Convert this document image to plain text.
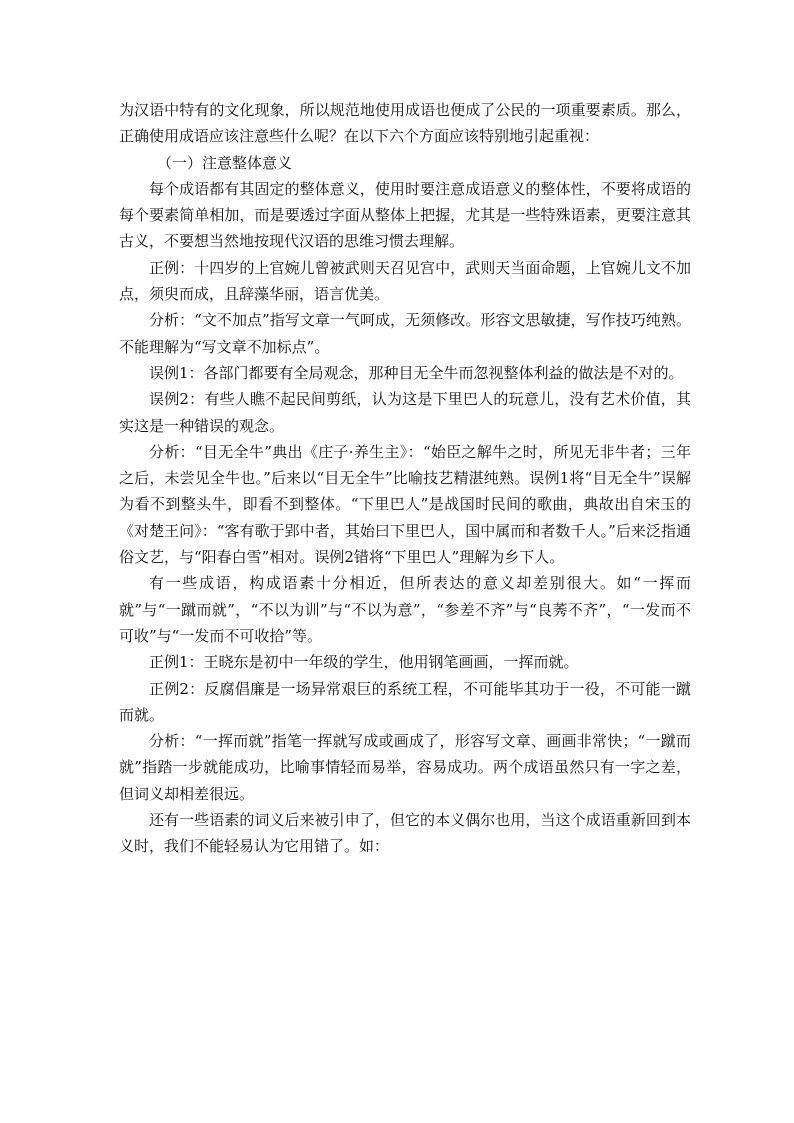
为汉语中特有的文化现象，所以规范地使用成语也便成了公民的一项重要素质。那么，正确使用成语应该注意些什么呢？在以下六个方面应该特别地引起重视：

（一）注意整体意义

每个成语都有其固定的整体意义，使用时要注意成语意义的整体性，不要将成语的每个要素简单相加，而是要透过字面从整体上把握，尤其是一些特殊语素，更要注意其古义，不要想当然地按现代汉语的思维习惯去理解。

正例：十四岁的上官婉儿曾被武则天召见宫中，武则天当面命题，上官婉儿文不加点，须臾而成，且辞藻华丽，语言优美。

分析：“文不加点”指写文章一气呵成，无须修改。形容文思敏捷，写作技巧纯熟。不能理解为“写文章不加标点”。

误例1：各部门都要有全局观念，那种目无全牛而忽视整体利益的做法是不对的。

误例2：有些人瞧不起民间剪纸，认为这是下里巴人的玩意儿，没有艺术价值，其实这是一种错误的观念。

分析：“目无全牛”典出《庄子·养生主》：“始臣之解牛之时，所见无非牛者；三年之后，未尝见全牛也。”后来以“目无全牛”比喻技艺精湛纯熟。误例1将“目无全牛”误解为看不到整头牛，即看不到整体。“下里巴人”是战国时民间的歌曲，典故出自宋玉的《对楚王问》：“客有歌于郢中者，其始曰下里巴人，国中属而和者数千人。”后来泛指通俗文艺，与“阳春白雪”相对。误例2错将“下里巴人”理解为乡下人。

有一些成语，构成语素十分相近，但所表达的意义却差别很大。如“一挥而就”与“一蹴而就”，“不以为训”与“不以为意”，“参差不齐”与“良莠不齐”，“一发而不可收”与“一发而不可收拾”等。

正例1：王晓东是初中一年级的学生，他用钢笔画画，一挥而就。

正例2：反腐倡廉是一场异常艰巨的系统工程，不可能毕其功于一役，不可能一蹴而就。

分析：“一挥而就”指笔一挥就写成或画成了，形容写文章、画画非常快；“一蹴而就”指踏一步就能成功，比喻事情轻而易举，容易成功。两个成语虽然只有一字之差，但词义却相差很远。

还有一些语素的词义后来被引申了，但它的本义偶尔也用，当这个成语重新回到本义时，我们不能轻易认为它用错了。如：
